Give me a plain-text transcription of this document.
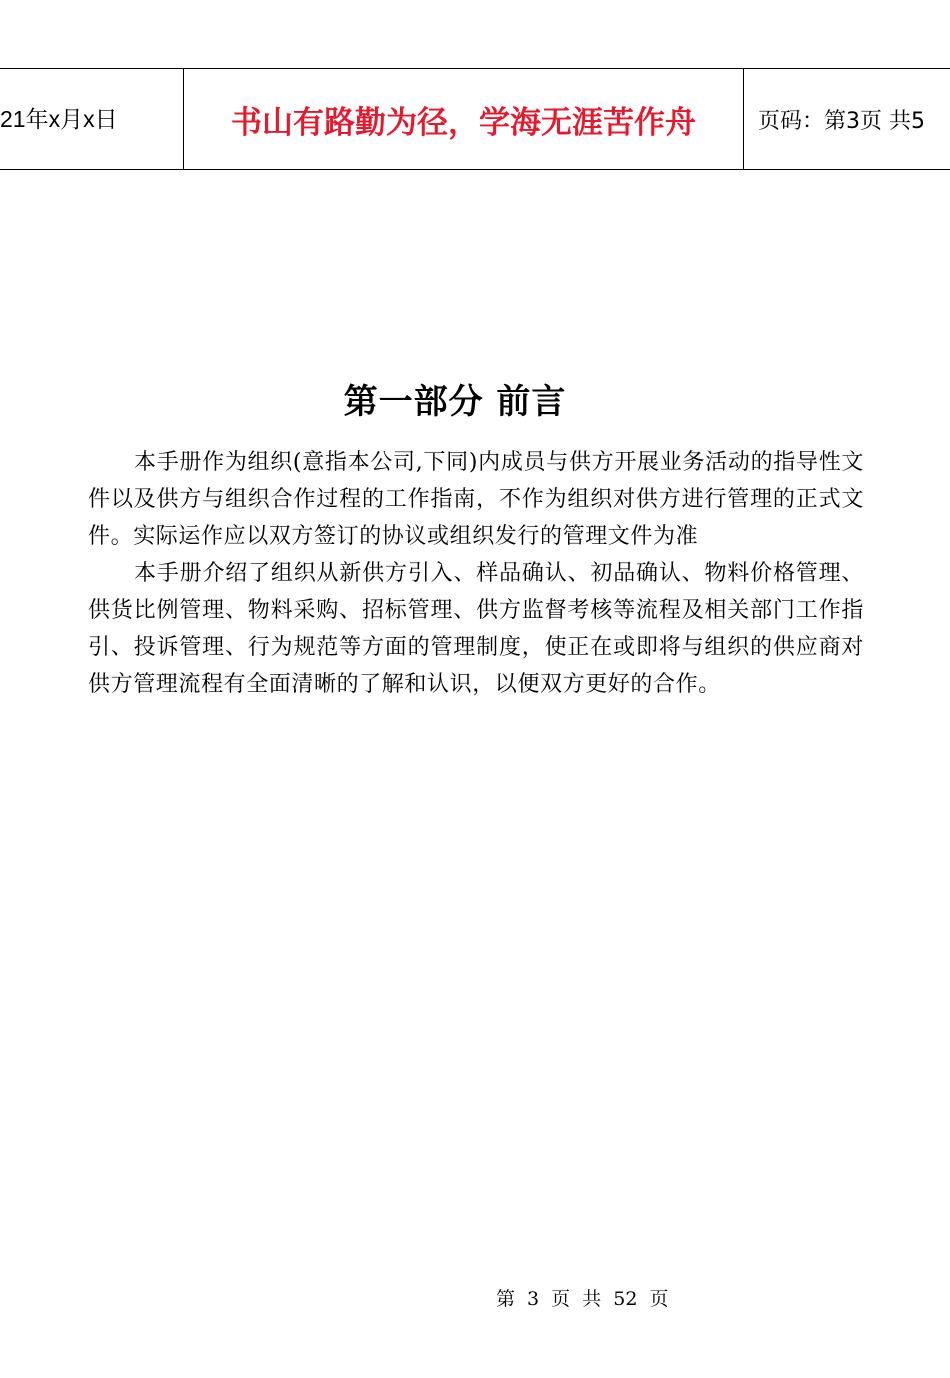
21年x月x日	书山有路勤为径，学海无涯苦作舟	页码：第3页 共5
第一部分 前言

本手册作为组织(意指本公司,下同)内成员与供方开展业务活动的指导性文件以及供方与组织合作过程的工作指南，不作为组织对供方进行管理的正式文件。实际运作应以双方签订的协议或组织发行的管理文件为准

本手册介绍了组织从新供方引入、样品确认、初品确认、物料价格管理、供货比例管理、物料采购、招标管理、供方监督考核等流程及相关部门工作指引、投诉管理、行为规范等方面的管理制度，使正在或即将与组织的供应商对供方管理流程有全面清晰的了解和认识，以便双方更好的合作。

第 3 页 共 52 页
